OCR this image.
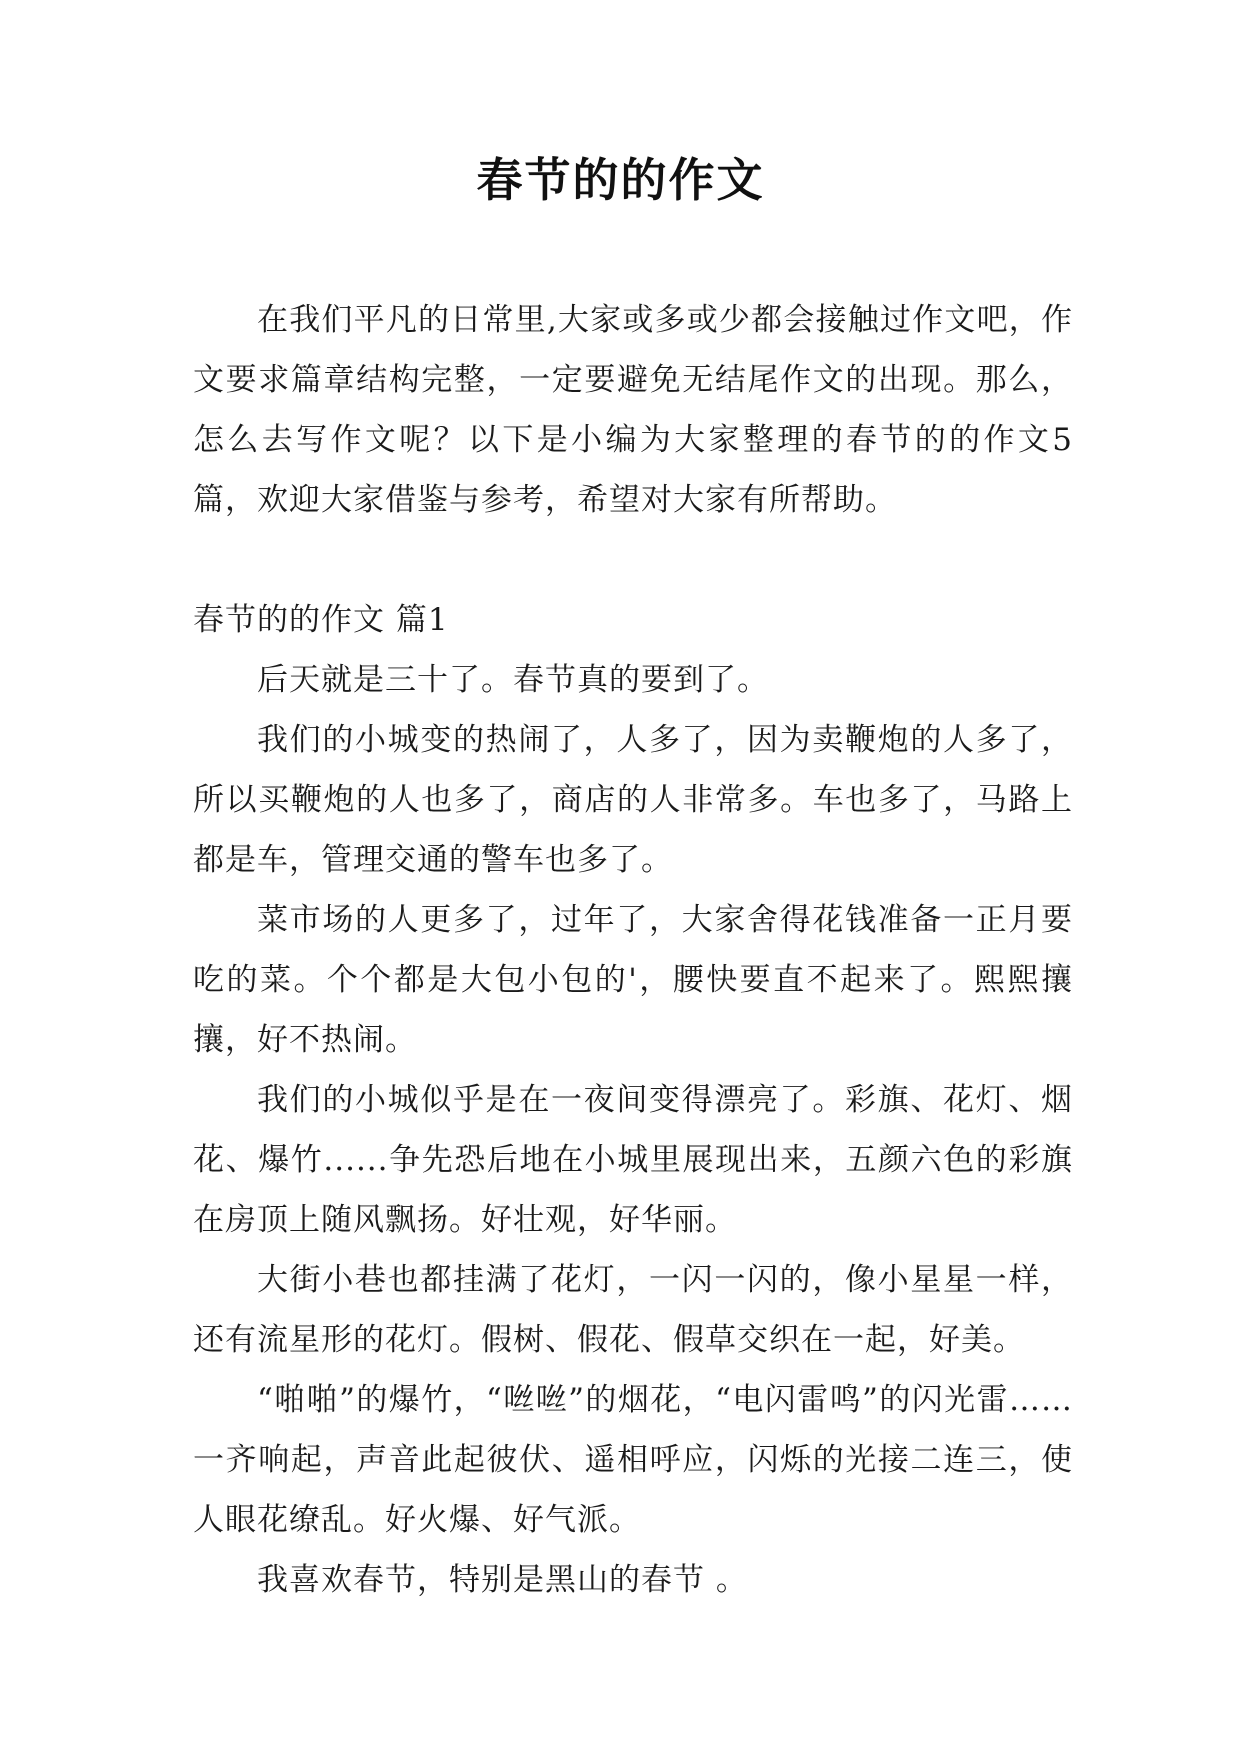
春节的的作文

在我们平凡的日常里,大家或多或少都会接触过作文吧，作文要求篇章结构完整，一定要避免无结尾作文的出现。那么，怎么去写作文呢？以下是小编为大家整理的春节的的作文5篇，欢迎大家借鉴与参考，希望对大家有所帮助。

春节的的作文 篇1

后天就是三十了。春节真的要到了。

我们的小城变的热闹了，人多了，因为卖鞭炮的人多了，所以买鞭炮的人也多了，商店的人非常多。车也多了，马路上都是车，管理交通的警车也多了。

菜市场的人更多了，过年了，大家舍得花钱准备一正月要吃的菜。个个都是大包小包的'，腰快要直不起来了。熙熙攘攘，好不热闹。

我们的小城似乎是在一夜间变得漂亮了。彩旗、花灯、烟花、爆竹......争先恐后地在小城里展现出来，五颜六色的彩旗在房顶上随风飘扬。好壮观，好华丽。

大街小巷也都挂满了花灯，一闪一闪的，像小星星一样，还有流星形的花灯。假树、假花、假草交织在一起，好美。

“啪啪”的爆竹，“咝咝”的烟花，“电闪雷鸣”的闪光雷……一齐响起，声音此起彼伏、遥相呼应，闪烁的光接二连三，使人眼花缭乱。好火爆、好气派。

我喜欢春节，特别是黑山的春节 。
